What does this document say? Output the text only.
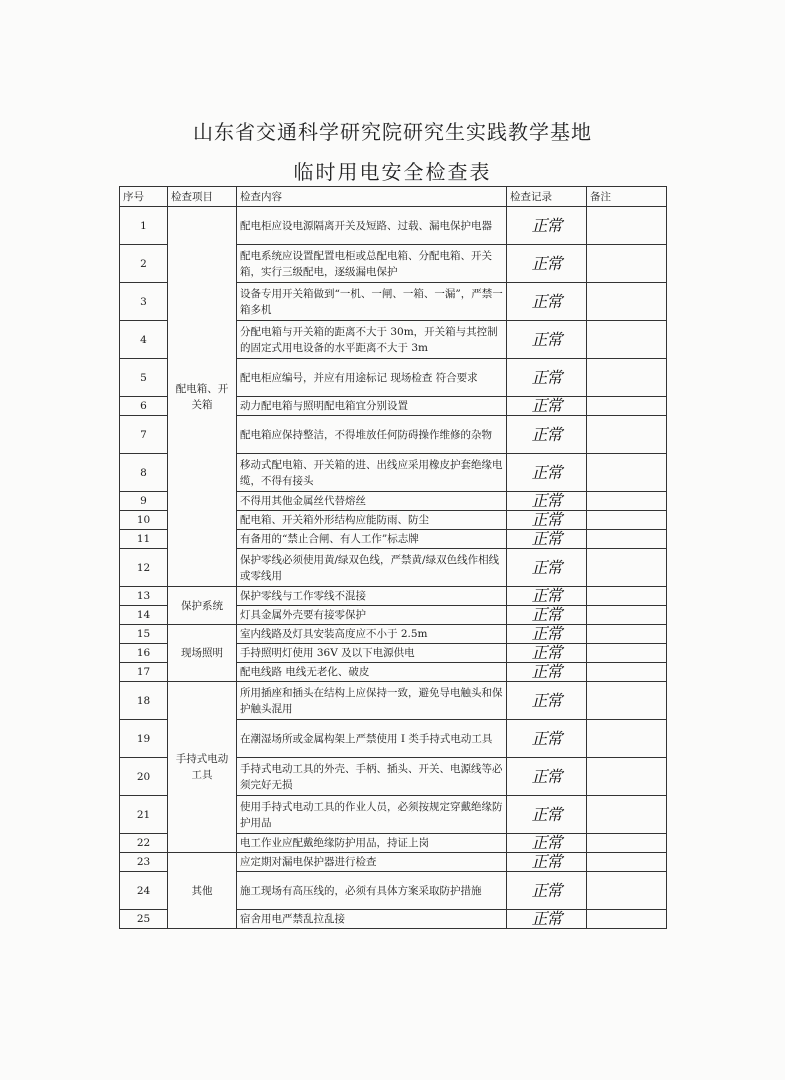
山东省交通科学研究院研究生实践教学基地
临时用电安全检查表
序号	检查项目	检查内容	检查记录	备注
1	配电箱、开关箱	配电柜应设电源隔离开关及短路、过载、漏电保护电器	正常	
2		配电系统应设置配置电柜或总配电箱、分配电箱、开关箱，实行三级配电，逐级漏电保护	正常	
3		设备专用开关箱做到“一机、一闸、一箱、一漏”，严禁一箱多机	正常	
4		分配电箱与开关箱的距离不大于 30m，开关箱与其控制的固定式用电设备的水平距离不大于 3m	正常	
5		配电柜应编号，并应有用途标记 现场检查 符合要求	正常	
6		动力配电箱与照明配电箱宜分别设置	正常	
7		配电箱应保持整洁，不得堆放任何防碍操作维修的杂物	正常	
8		移动式配电箱、开关箱的进、出线应采用橡皮护套绝缘电缆，不得有接头	正常	
9		不得用其他金属丝代替熔丝	正常	
10		配电箱、开关箱外形结构应能防雨、防尘	正常	
11		有备用的“禁止合闸、有人工作”标志牌	正常	
12		保护零线必须使用黄/绿双色线，严禁黄/绿双色线作相线或零线用	正常	
13	保护系统	保护零线与工作零线不混接	正常	
14		灯具金属外壳要有接零保护	正常	
15	现场照明	室内线路及灯具安装高度应不小于 2.5m	正常	
16		手持照明灯使用 36V 及以下电源供电	正常	
17		配电线路 电线无老化、破皮	正常	
18	手持式电动工具	所用插座和插头在结构上应保持一致，避免导电触头和保护触头混用	正常	
19		在潮湿场所或金属构架上严禁使用 I 类手持式电动工具	正常	
20		手持式电动工具的外壳、手柄、插头、开关、电源线等必须完好无损	正常	
21		使用手持式电动工具的作业人员，必须按规定穿戴绝缘防护用品	正常	
22		电工作业应配戴绝缘防护用品，持证上岗	正常	
23	其他	应定期对漏电保护器进行检查	正常	
24		施工现场有高压线的，必须有具体方案采取防护措施	正常	
25		宿舍用电严禁乱拉乱接	正常	
